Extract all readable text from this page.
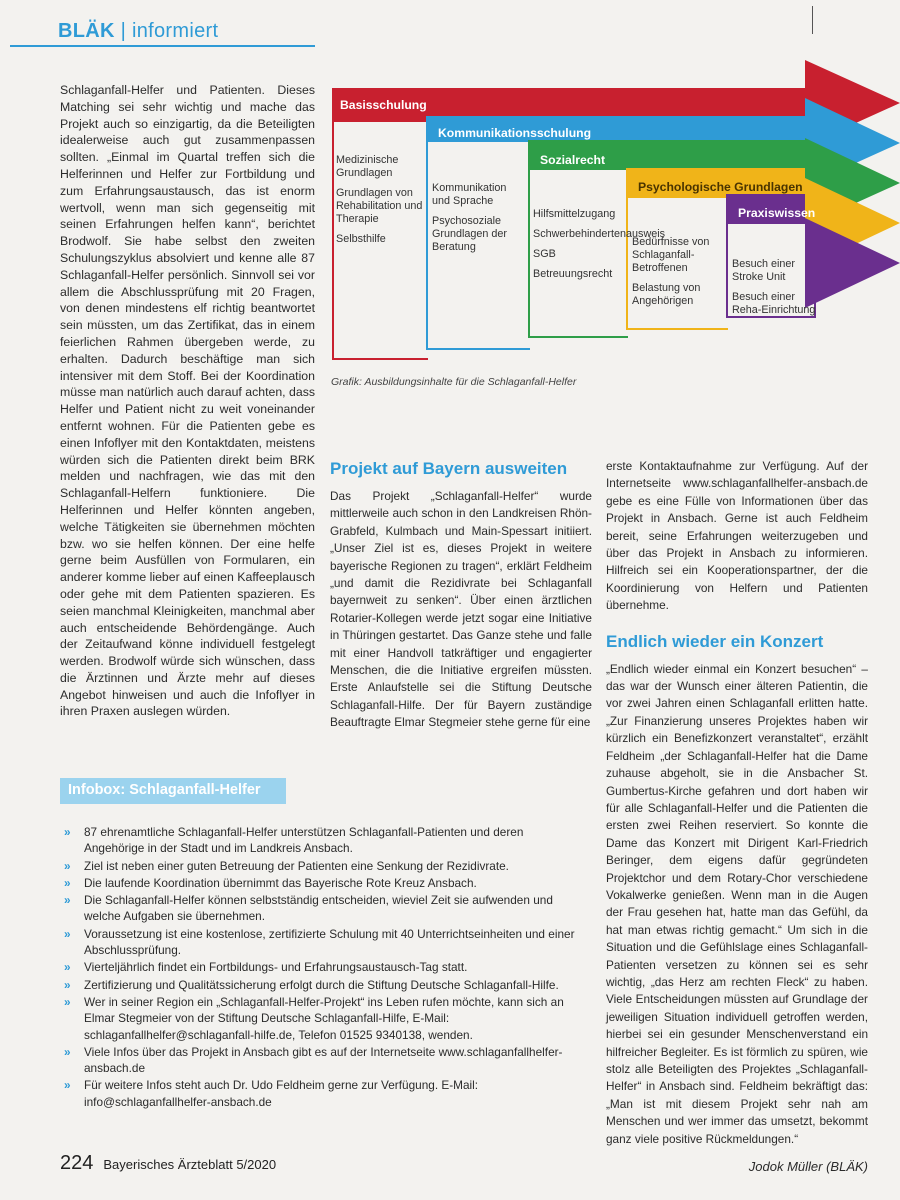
BLÄK | informiert
Schlaganfall-Helfer und Patienten. Dieses Matching sei sehr wichtig und mache das Projekt auch so einzigartig, da die Beteiligten idealerweise auch gut zusammenpassen sollten. „Einmal im Quartal treffen sich die Helferinnen und Helfer zur Fortbildung und zum Erfahrungsaustausch, das ist enorm wertvoll, wenn man sich gegenseitig mit seinen Erfahrungen helfen kann“, berichtet Brodwolf. Sie habe selbst den zweiten Schulungszyklus absolviert und kenne alle 87 Schlaganfall-Helfer persönlich. Sinnvoll sei vor allem die Abschlussprüfung mit 20 Fragen, von denen mindestens elf richtig beantwortet sein müssten, um das Zertifikat, das in einem feierlichen Rahmen übergeben werde, zu erhalten. Dadurch beschäftige man sich intensiver mit dem Stoff. Bei der Koordination müsse man natürlich auch darauf achten, dass Helfer und Patient nicht zu weit voneinander entfernt wohnen. Für die Patienten gebe es einen Infoflyer mit den Kontaktdaten, meistens würden sich die Patienten direkt beim BRK melden und nachfragen, wie das mit den Schlaganfall-Helfern funktioniere. Die Helferinnen und Helfer könnten angeben, welche Tätigkeiten sie übernehmen möchten bzw. wo sie helfen können. Der eine helfe gerne beim Ausfüllen von Formularen, ein anderer komme lieber auf einen Kaffeeplausch oder gehe mit dem Patienten spazieren. Es seien manchmal Kleinigkeiten, manchmal aber auch entscheidende Behördengänge. Auch der Zeitaufwand könne individuell festgelegt werden. Brodwolf würde sich wünschen, dass die Ärztinnen und Ärzte mehr auf dieses Angebot hinweisen und auch die Infoflyer in ihren Praxen auslegen würden.
Basisschulung
Kommunikationsschulung
Sozialrecht
Psychologische Grundlagen
Praxiswissen
Medizinische Grundlagen
Grundlagen von Rehabilitation und Therapie
Selbsthilfe
Kommunikation und Sprache
Psychosoziale Grundlagen der Beratung
Hilfsmittelzugang
Schwerbehindertenausweis
SGB
Betreuungsrecht
Bedürfnisse von Schlaganfall-Betroffenen
Belastung von Angehörigen
Besuch einer Stroke Unit
Besuch einer Reha-Einrichtung
Grafik: Ausbildungsinhalte für die Schlaganfall-Helfer
Projekt auf Bayern ausweiten
Das Projekt „Schlaganfall-Helfer“ wurde mittlerweile auch schon in den Landkreisen Rhön-Grabfeld, Kulmbach und Main-Spessart initiiert. „Unser Ziel ist es, dieses Projekt in weitere bayerische Regionen zu tragen“, erklärt Feldheim „und damit die Rezidivrate bei Schlaganfall bayernweit zu senken“. Über einen ärztlichen Rotarier-Kollegen werde jetzt sogar eine Initiative in Thüringen gestartet. Das Ganze stehe und falle mit einer Handvoll tatkräftiger und engagierter Menschen, die die Initiative ergreifen müssten. Erste Anlaufstelle sei die Stiftung Deutsche Schlaganfall-Hilfe. Der für Bayern zuständige Beauftragte Elmar Stegmeier stehe gerne für eine
erste Kontaktaufnahme zur Verfügung. Auf der Internetseite www.schlaganfallhelfer-ansbach.de gebe es eine Fülle von Informationen über das Projekt in Ansbach. Gerne ist auch Feldheim bereit, seine Erfahrungen weiterzugeben und über das Projekt in Ansbach zu informieren. Hilfreich sei ein Kooperationspartner, der die Koordinierung von Helfern und Patienten übernehme.
Endlich wieder ein Konzert
„Endlich wieder einmal ein Konzert besuchen“ – das war der Wunsch einer älteren Patientin, die vor zwei Jahren einen Schlaganfall erlitten hatte. „Zur Finanzierung unseres Projektes haben wir kürzlich ein Benefizkonzert veranstaltet“, erzählt Feldheim „der Schlaganfall-Helfer hat die Dame zuhause abgeholt, sie in die Ansbacher St. Gumbertus-Kirche gefahren und dort haben wir für alle Schlaganfall-Helfer und die Patienten die ersten zwei Reihen reserviert. So konnte die Dame das Konzert mit Dirigent Karl-Friedrich Beringer, dem eigens dafür gegründeten Projektchor und dem Rotary-Chor verschiedene Vokalwerke genießen. Wenn man in die Augen der Frau gesehen hat, hatte man das Gefühl, da hat man etwas richtig gemacht.“ Um sich in die Situation und die Gefühlslage eines Schlaganfall-Patienten versetzen zu können sei es sehr wichtig, „das Herz am rechten Fleck“ zu haben. Viele Entscheidungen müssten auf Grundlage der jeweiligen Situation individuell getroffen werden, hierbei sei ein gesunder Menschenverstand ein hilfreicher Begleiter. Es ist förmlich zu spüren, wie stolz alle Beteiligten des Projektes „Schlaganfall-Helfer“ in Ansbach sind. Feldheim bekräftigt das: „Man ist mit diesem Projekt sehr nah am Menschen und wer immer das umsetzt, bekommt ganz viele positive Rückmeldungen.“
Jodok Müller (BLÄK)
Infobox: Schlaganfall-Helfer
» 87 ehrenamtliche Schlaganfall-Helfer unterstützen Schlaganfall-Patienten und deren Angehörige in der Stadt und im Landkreis Ansbach.
» Ziel ist neben einer guten Betreuung der Patienten eine Senkung der Rezidivrate.
» Die laufende Koordination übernimmt das Bayerische Rote Kreuz Ansbach.
» Die Schlaganfall-Helfer können selbstständig entscheiden, wieviel Zeit sie aufwenden und welche Aufgaben sie übernehmen.
» Voraussetzung ist eine kostenlose, zertifizierte Schulung mit 40 Unterrichtseinheiten und einer Abschlussprüfung.
» Vierteljährlich findet ein Fortbildungs- und Erfahrungsaustausch-Tag statt.
» Zertifizierung und Qualitätssicherung erfolgt durch die Stiftung Deutsche Schlaganfall-Hilfe.
» Wer in seiner Region ein „Schlaganfall-Helfer-Projekt“ ins Leben rufen möchte, kann sich an Elmar Stegmeier von der Stiftung Deutsche Schlaganfall-Hilfe, E-Mail: schlaganfallhelfer@schlaganfall-hilfe.de, Telefon 01525 9340138, wenden.
» Viele Infos über das Projekt in Ansbach gibt es auf der Internetseite www.schlaganfallhelfer-ansbach.de
» Für weitere Infos steht auch Dr. Udo Feldheim gerne zur Verfügung. E-Mail: info@schlaganfallhelfer-ansbach.de
224 Bayerisches Ärzteblatt 5/2020
